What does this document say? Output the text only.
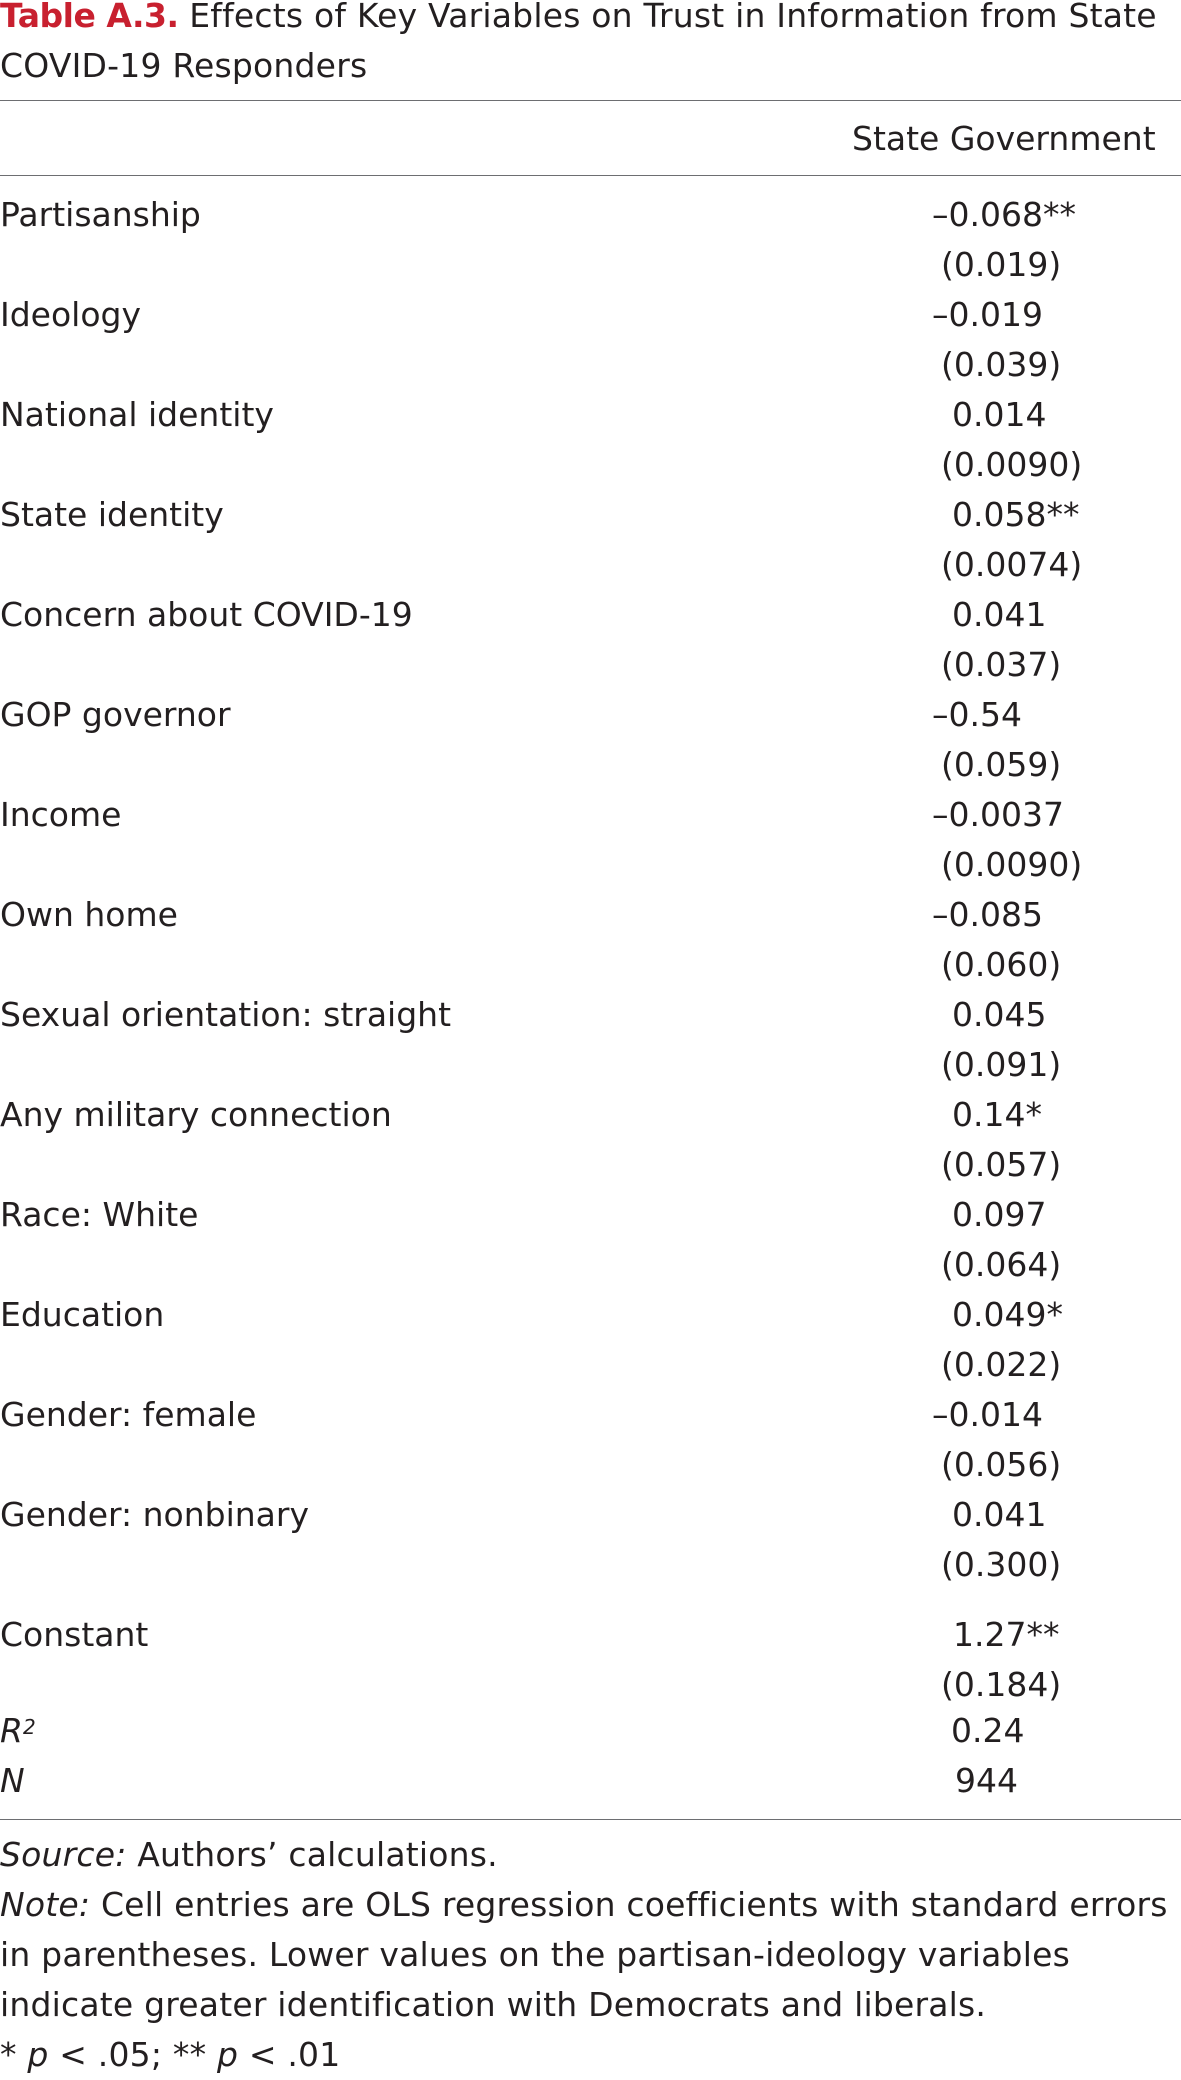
Table A.3. Effects of Key Variables on Trust in Information from State COVID-19 Responders
State Government
Partisanship	–0.068**
(0.019)
Ideology	–0.019
(0.039)
National identity	0.014
(0.0090)
State identity	0.058**
(0.0074)
Concern about COVID-19	0.041
(0.037)
GOP governor	–0.54
(0.059)
Income	–0.0037
(0.0090)
Own home	–0.085
(0.060)
Sexual orientation: straight	0.045
(0.091)
Any military connection	0.14*
(0.057)
Race: White	0.097
(0.064)
Education	0.049*
(0.022)
Gender: female	–0.014
(0.056)
Gender: nonbinary	0.041
(0.300)
Constant	1.27**
(0.184)
$R^2$	0.24
N	944

Source: Authors’ calculations.

Note: Cell entries are OLS regression coefficients with standard errors in parentheses. Lower values on the partisan-ideology variables indicate greater identification with Democrats and liberals.

* p < .05; ** p < .01
